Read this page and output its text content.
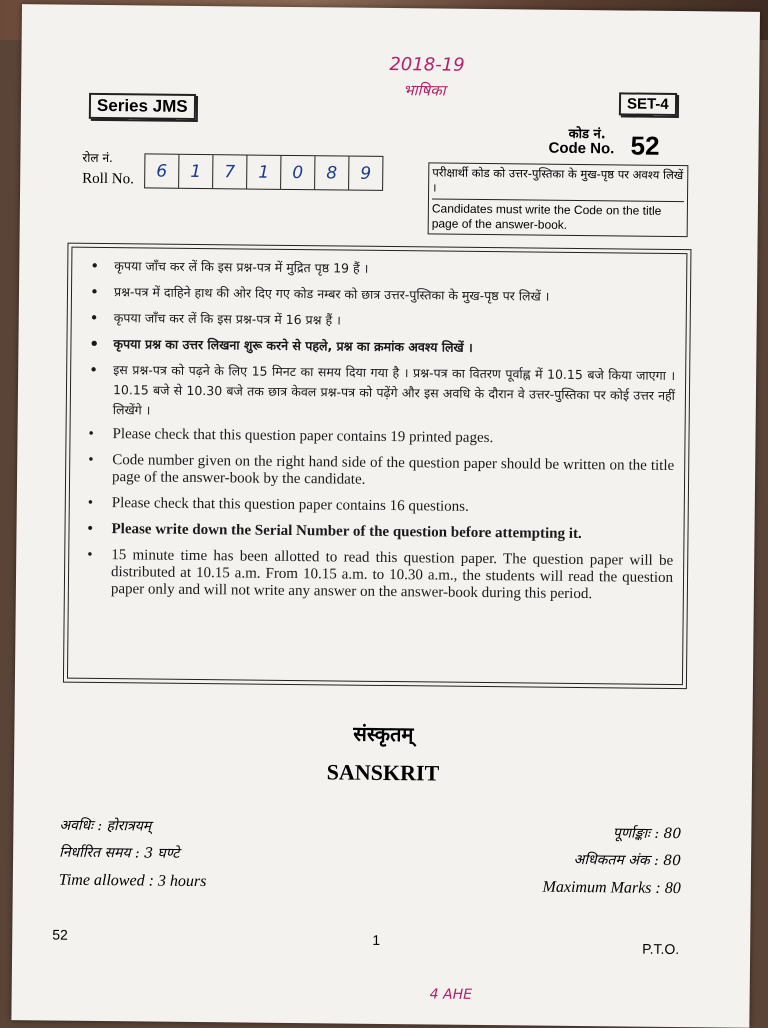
2018-19
भाषिका
Series JMS	SET-4
कोड नं.
Code No. 52
रोल नं.
Roll No.	6	1	7	1	0	8	9	परीक्षार्थी कोड को उत्तर-पुस्तिका के मुख-पृष्ठ पर अवश्य लिखें ।
Candidates must write the Code on the title page of the answer-book.
• कृपया जाँच कर लें कि इस प्रश्न-पत्र में मुद्रित पृष्ठ 19 हैं ।
• प्रश्न-पत्र में दाहिने हाथ की ओर दिए गए कोड नम्बर को छात्र उत्तर-पुस्तिका के मुख-पृष्ठ पर लिखें ।
• कृपया जाँच कर लें कि इस प्रश्न-पत्र में 16 प्रश्न हैं ।
• कृपया प्रश्न का उत्तर लिखना शुरू करने से पहले, प्रश्न का क्रमांक अवश्य लिखें ।
• इस प्रश्न-पत्र को पढ़ने के लिए 15 मिनट का समय दिया गया है । प्रश्न-पत्र का वितरण पूर्वाह्न में 10.15 बजे किया जाएगा । 10.15 बजे से 10.30 बजे तक छात्र केवल प्रश्न-पत्र को पढ़ेंगे और इस अवधि के दौरान वे उत्तर-पुस्तिका पर कोई उत्तर नहीं लिखेंगे ।
• Please check that this question paper contains 19 printed pages.
• Code number given on the right hand side of the question paper should be written on the title page of the answer-book by the candidate.
• Please check that this question paper contains 16 questions.
• Please write down the Serial Number of the question before attempting it.
• 15 minute time has been allotted to read this question paper. The question paper will be distributed at 10.15 a.m. From 10.15 a.m. to 10.30 a.m., the students will read the question paper only and will not write any answer on the answer-book during this period.
संस्कृतम्
SANSKRIT
अवधिः : होरात्रयम्
निर्धारित समय : 3 घण्टे
Time allowed : 3 hours
पूर्णाङ्काः : 80
अधिकतम अंक : 80
Maximum Marks : 80
52	1
P.T.O.
4 AHE
